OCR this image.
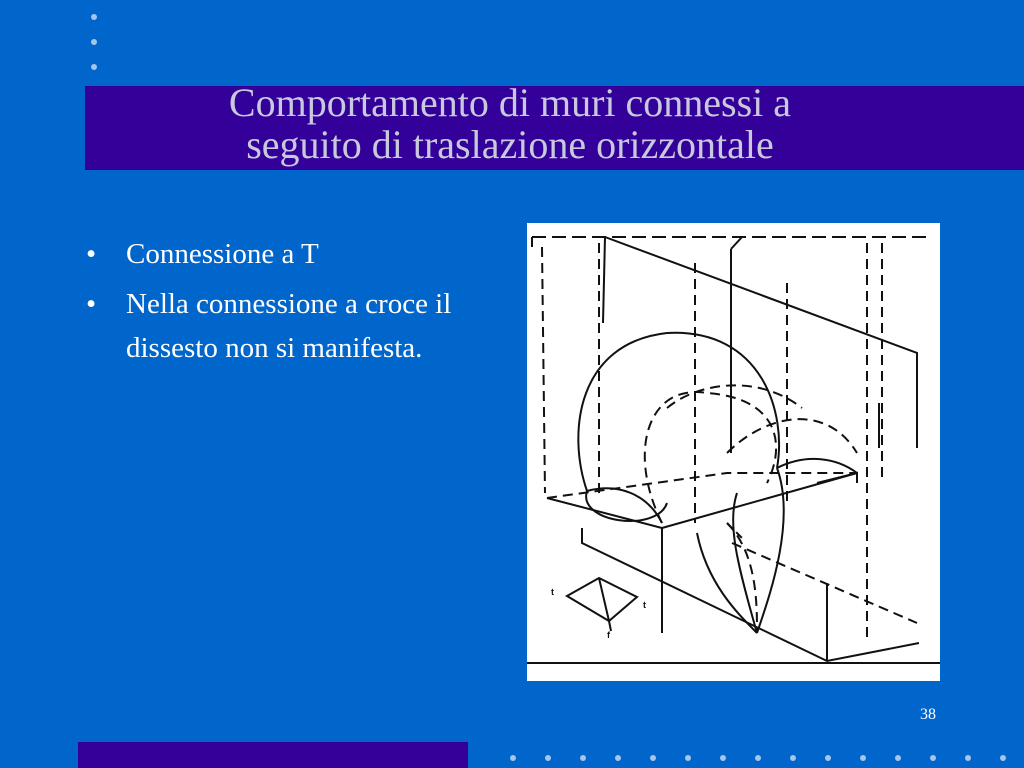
Comportamento di muri connessi a
seguito di traslazione orizzontale
•	Connessione a T
•	Nella connessione a croce il dissesto non si manifesta.
t
t
f
38
